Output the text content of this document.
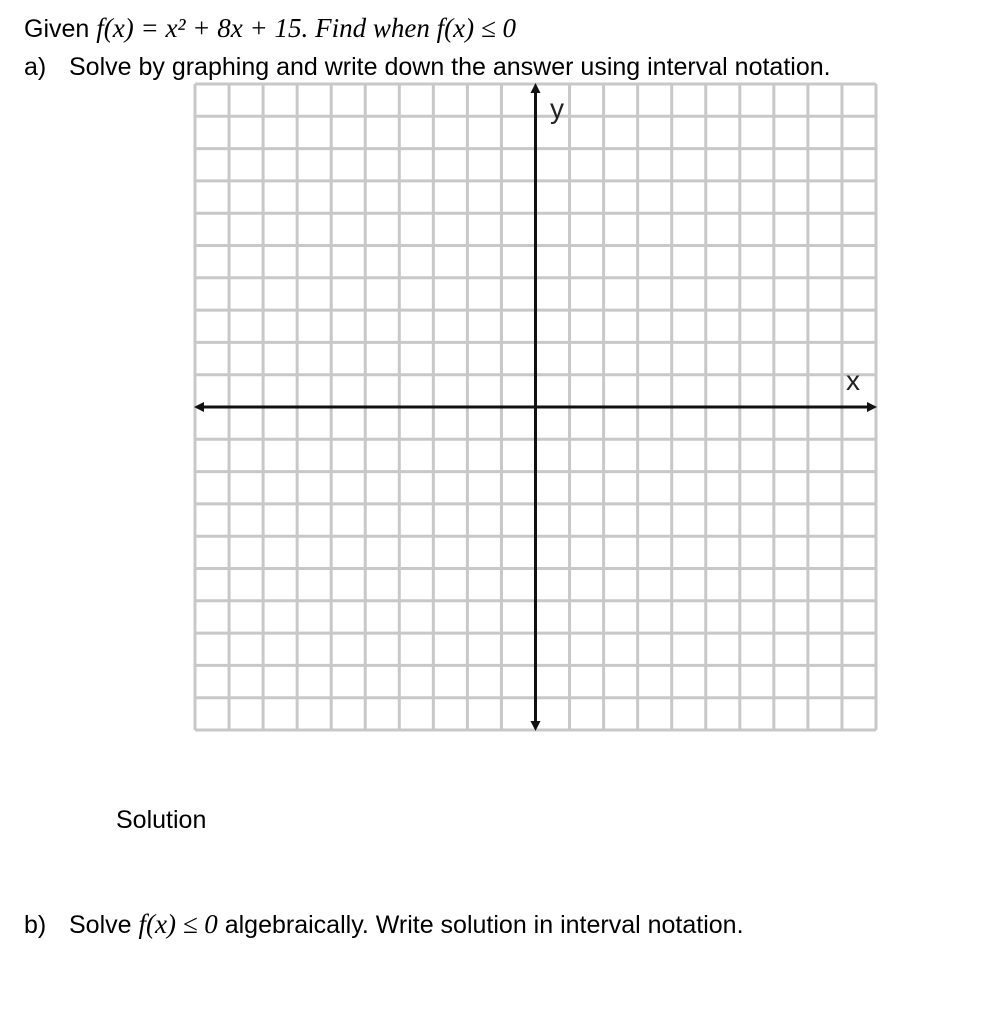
Given f(x) = x² + 8x + 15. Find when f(x) ≤ 0
a) Solve by graphing and write down the answer using interval notation.
x
y
Solution
b) Solve f(x) ≤ 0 algebraically. Write solution in interval notation.
